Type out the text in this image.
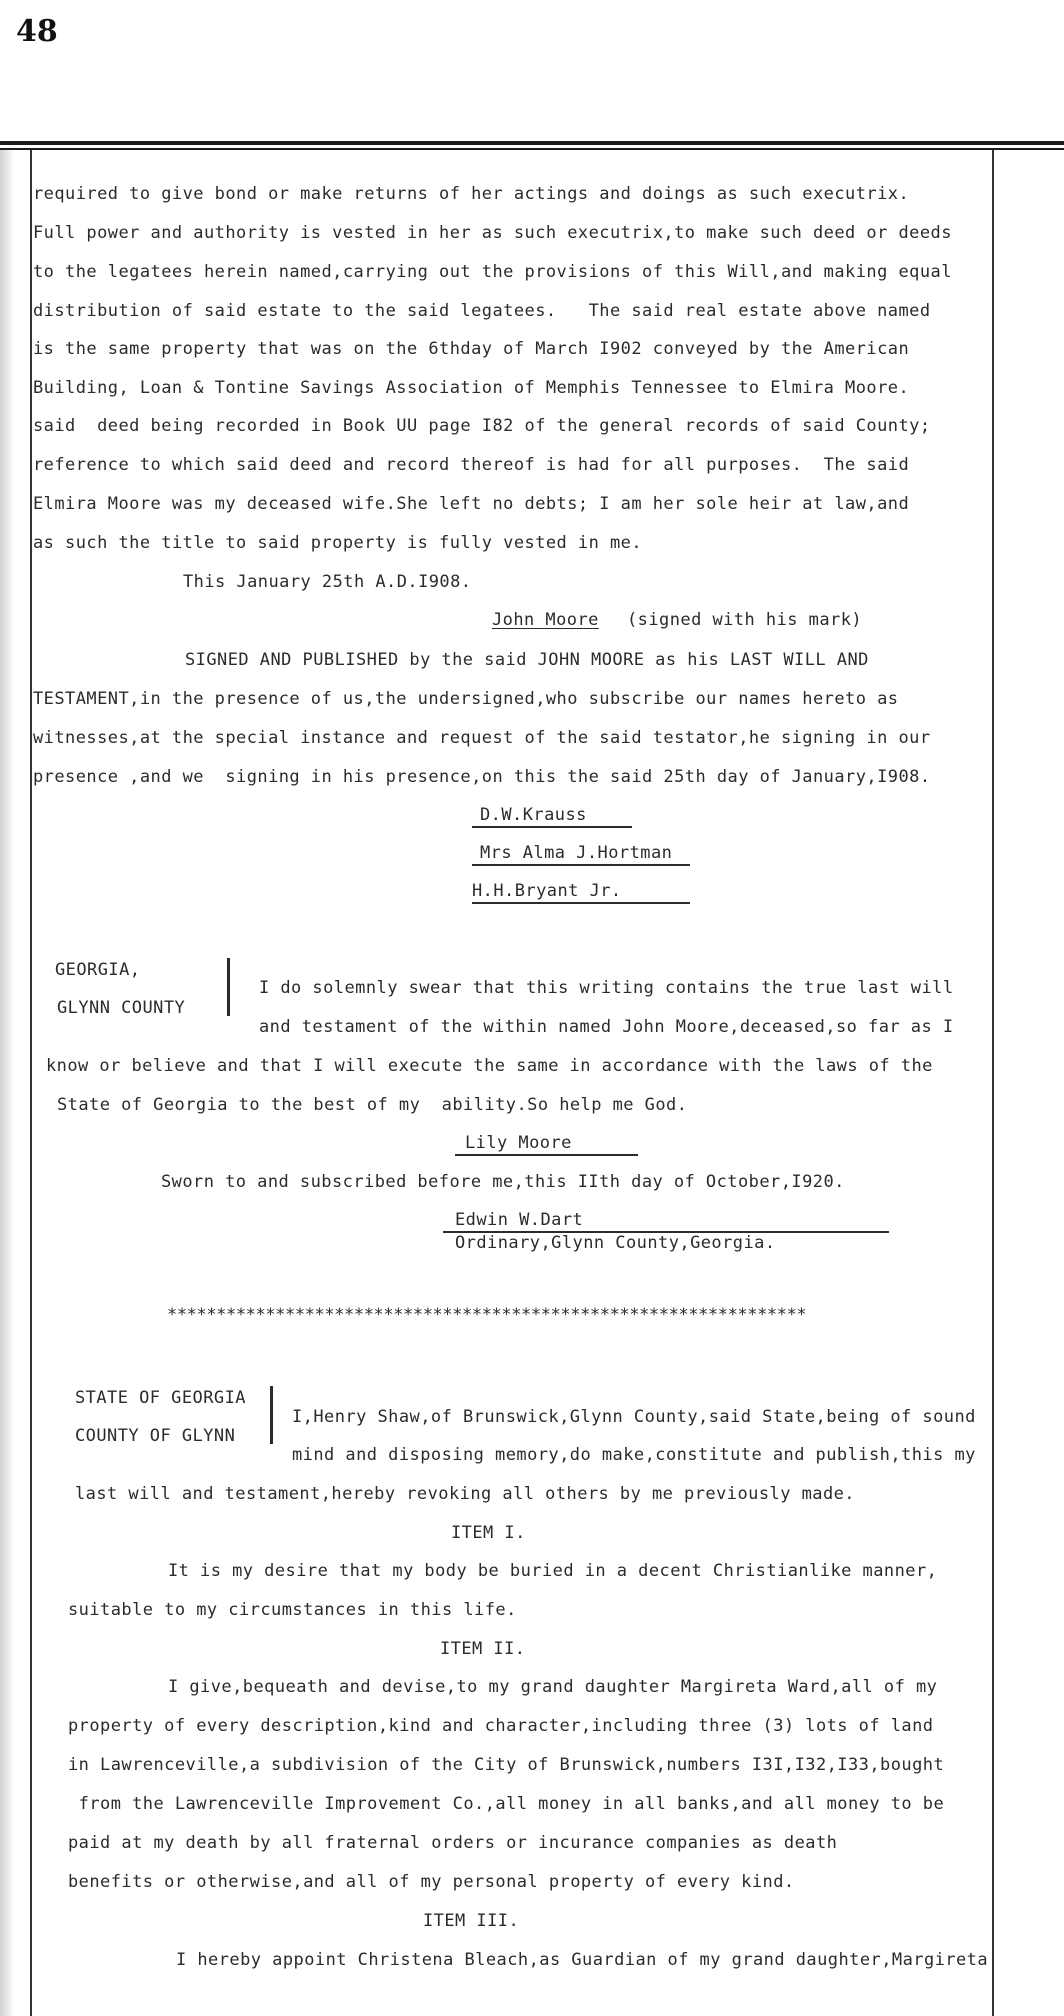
48
required to give bond or make returns of her actings and doings as such executrix.
Full power and authority is vested in her as such executrix,to make such deed or deeds
to the legatees herein named,carrying out the provisions of this Will,and making equal
distribution of said estate to the said legatees.   The said real estate above named
is the same property that was on the 6thday of March I902 conveyed by the American
Building, Loan & Tontine Savings Association of Memphis Tennessee to Elmira Moore.
said  deed being recorded in Book UU page I82 of the general records of said County;
reference to which said deed and record thereof is had for all purposes.  The said
Elmira Moore was my deceased wife.She left no debts; I am her sole heir at law,and
as such the title to said property is fully vested in me.
This January 25th A.D.I908.
John Moore (signed with his mark)
SIGNED AND PUBLISHED by the said JOHN MOORE as his LAST WILL AND
TESTAMENT,in the presence of us,the undersigned,who subscribe our names hereto as
witnesses,at the special instance and request of the said testator,he signing in our
presence ,and we  signing in his presence,on this the said 25th day of January,I908.
D.W.Krauss
Mrs Alma J.Hortman
H.H.Bryant Jr.
GEORGIA,
GLYNN COUNTY
I do solemnly swear that this writing contains the true last will
and testament of the within named John Moore,deceased,so far as I
know or believe and that I will execute the same in accordance with the laws of the
State of Georgia to the best of my  ability.So help me God.
Lily Moore
Sworn to and subscribed before me,this IIth day of October,I920.
Edwin W.Dart
Ordinary,Glynn County,Georgia.
*****************************************************************
STATE OF GEORGIA
COUNTY OF GLYNN
I,Henry Shaw,of Brunswick,Glynn County,said State,being of sound
mind and disposing memory,do make,constitute and publish,this my
last will and testament,hereby revoking all others by me previously made.
ITEM I.
It is my desire that my body be buried in a decent Christianlike manner,
suitable to my circumstances in this life.
ITEM II.
I give,bequeath and devise,to my grand daughter Margireta Ward,all of my
property of every description,kind and character,including three (3) lots of land
in Lawrenceville,a subdivision of the City of Brunswick,numbers I3I,I32,I33,bought
from the Lawrenceville Improvement Co.,all money in all banks,and all money to be
paid at my death by all fraternal orders or incurance companies as death
benefits or otherwise,and all of my personal property of every kind.
ITEM III.
I hereby appoint Christena Bleach,as Guardian of my grand daughter,Margireta
